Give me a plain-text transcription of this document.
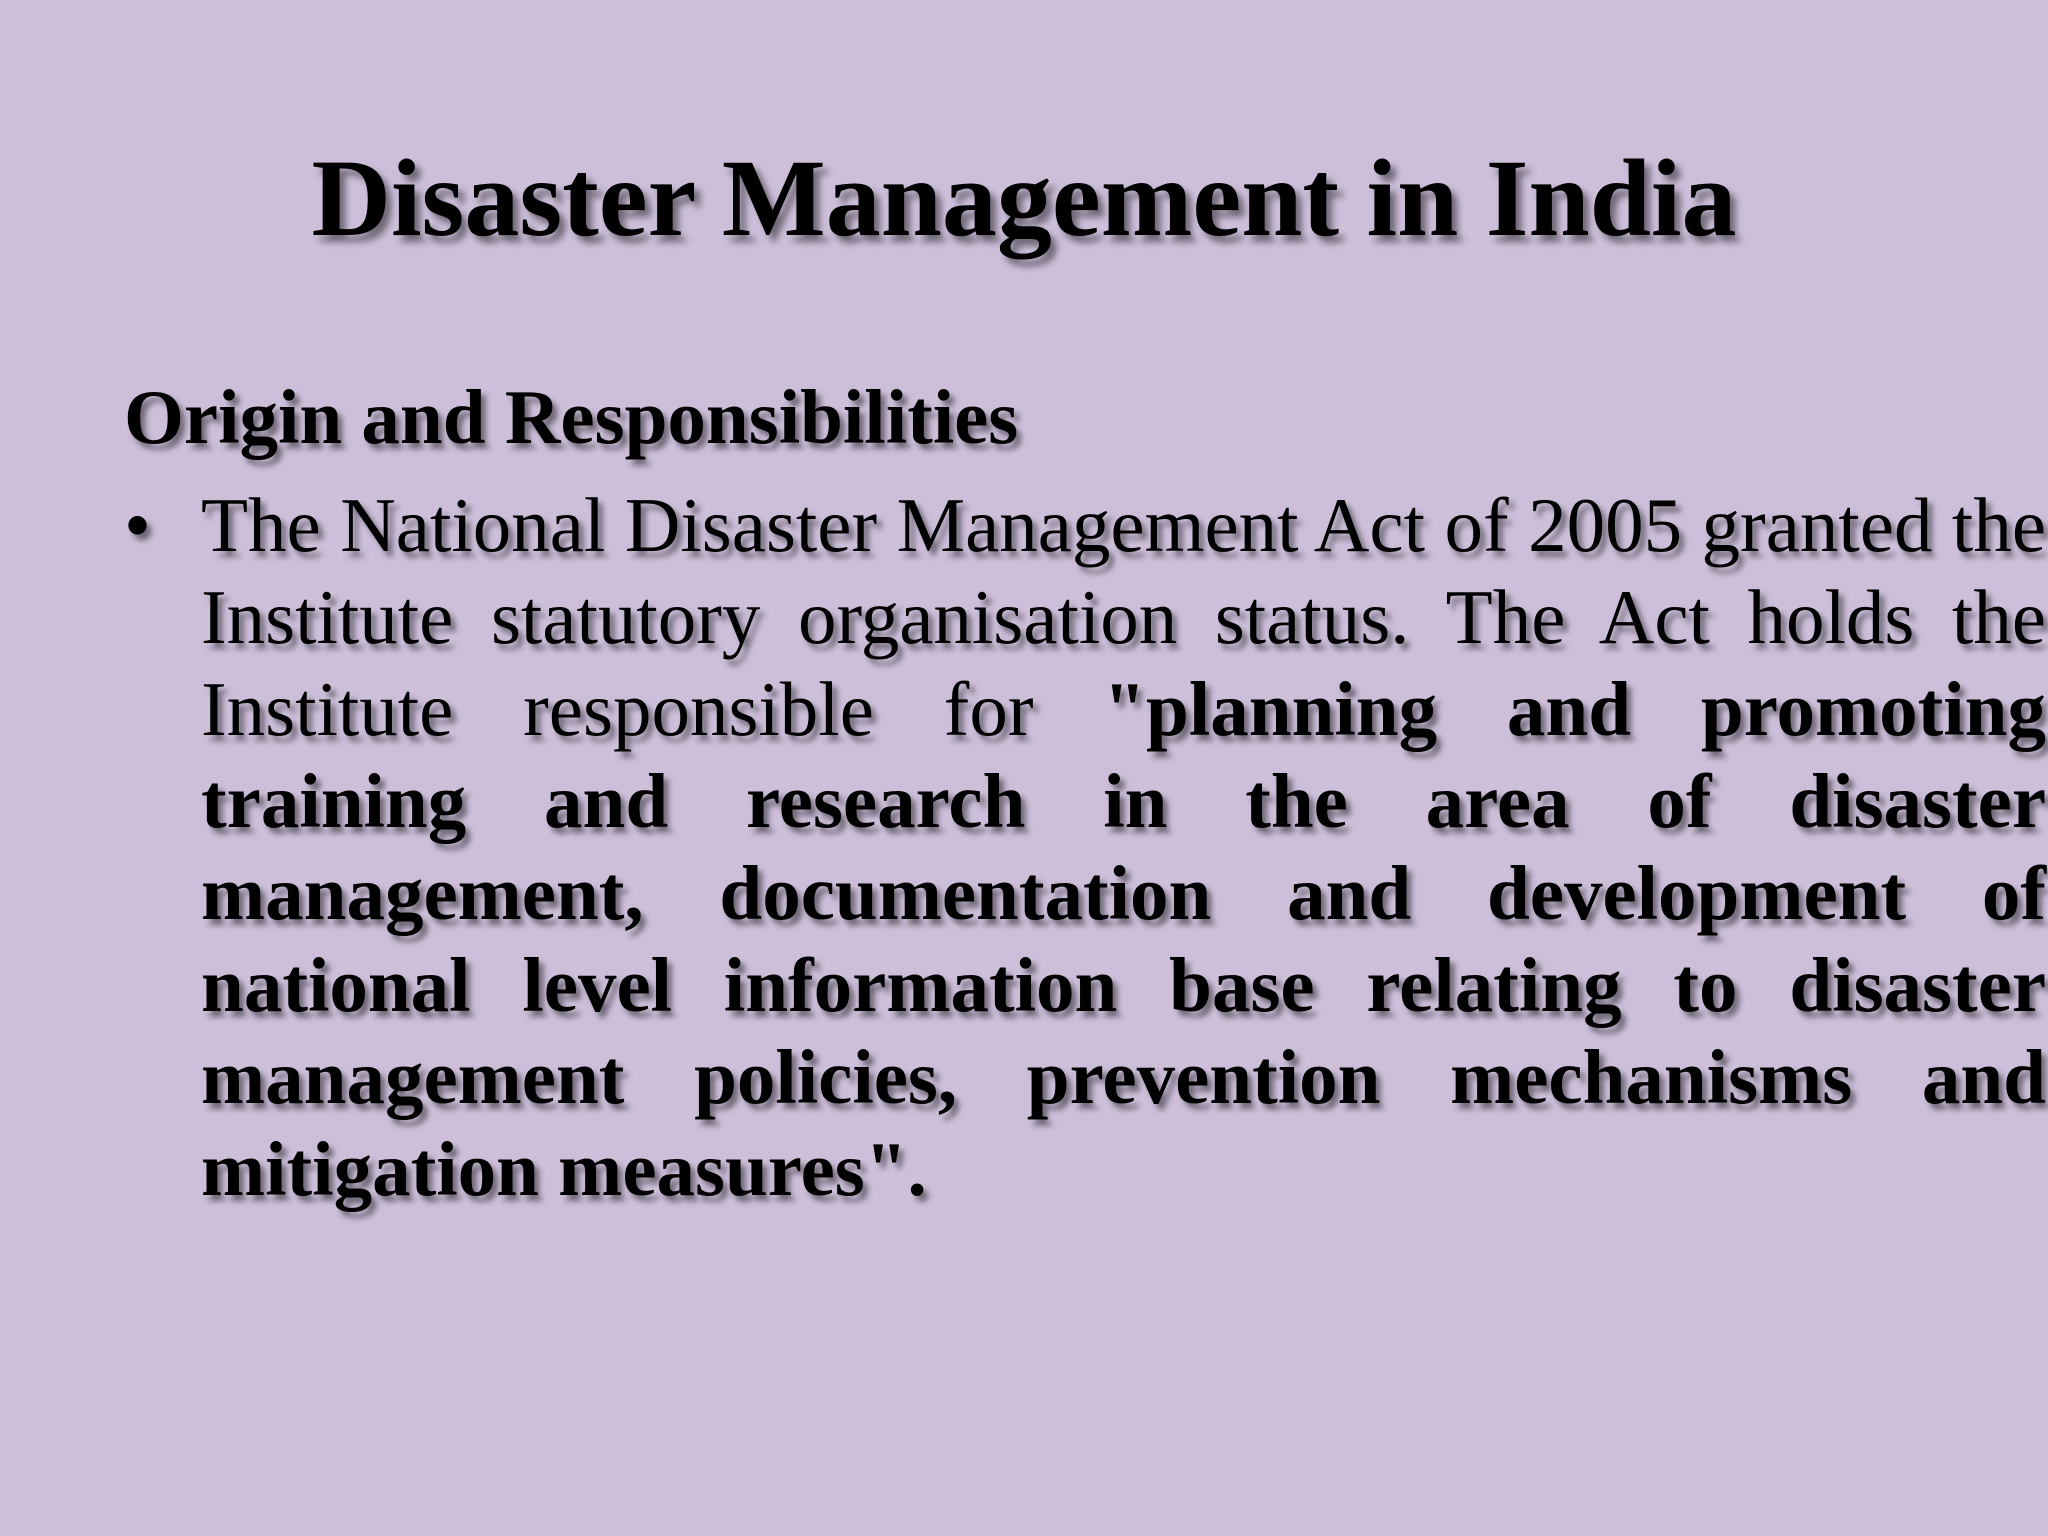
Disaster Management in India
Origin and Responsibilities
• The National Disaster Management Act of 2005 granted the Institute statutory organisation status. The Act holds the Institute responsible for "planning and promoting training and research in the area of disaster management, documentation and development of national level information base relating to disaster management policies, prevention mechanisms and mitigation measures".
